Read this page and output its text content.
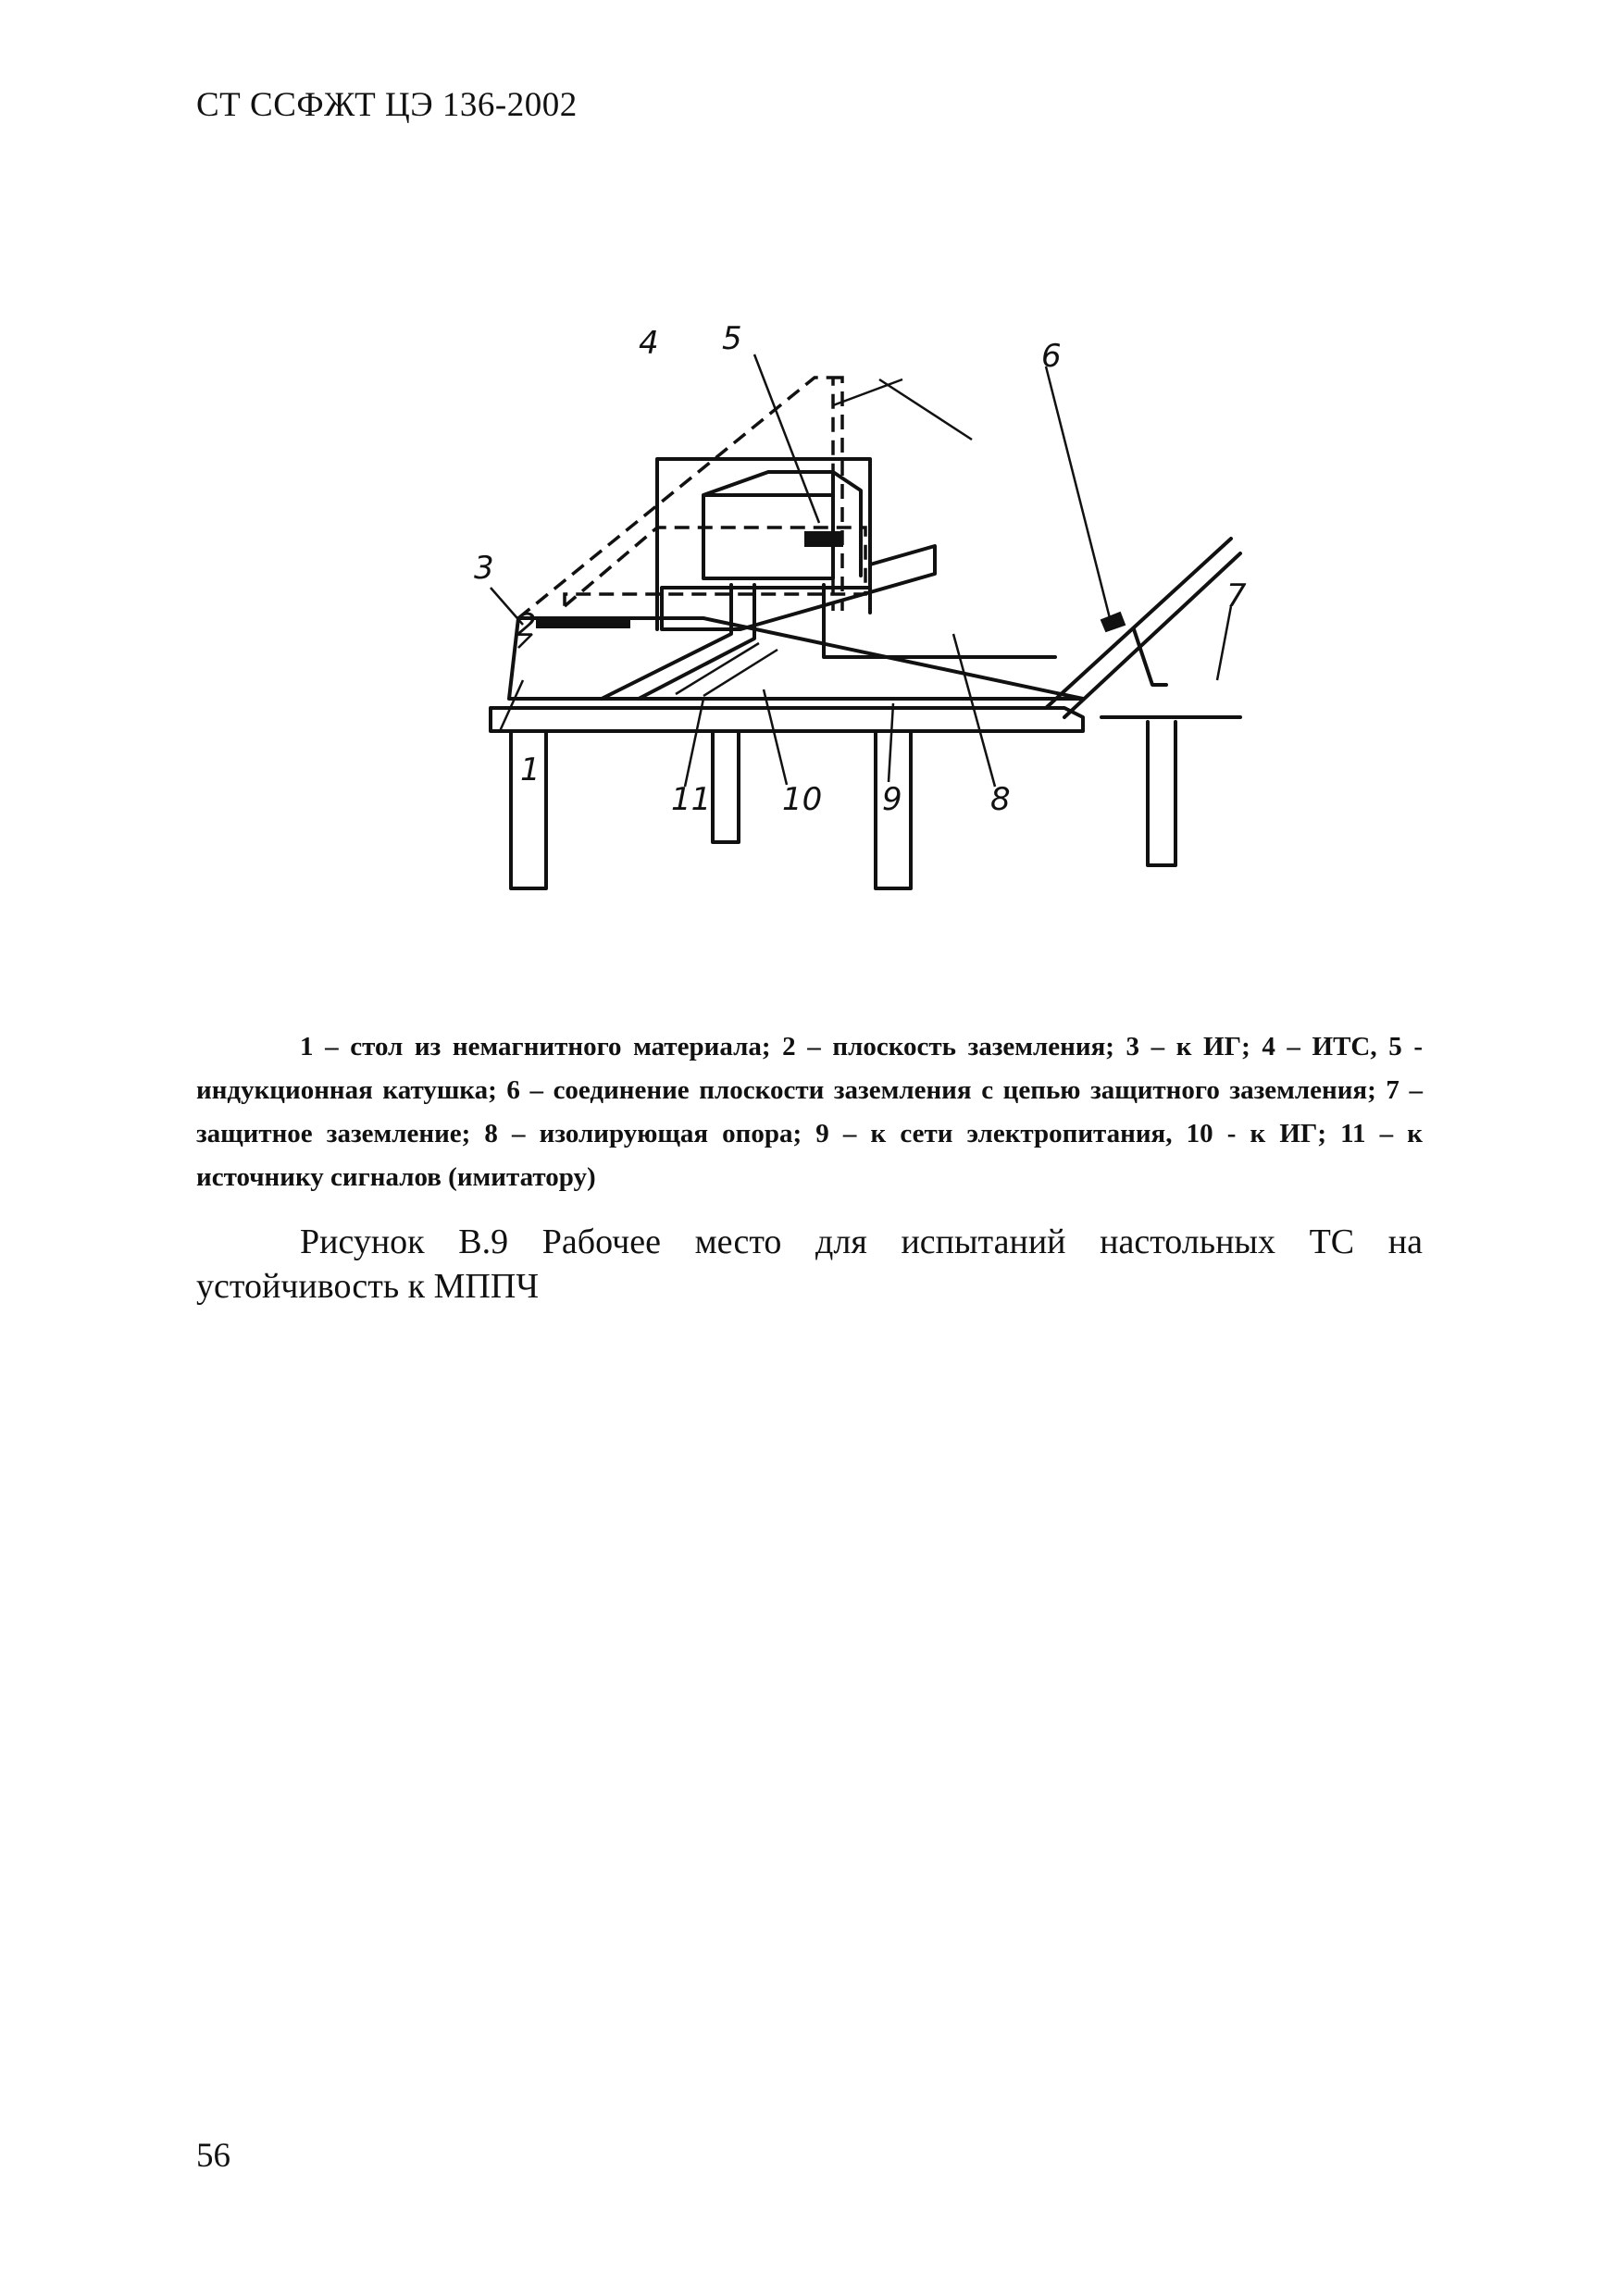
СТ ССФЖТ ЦЭ 136-2002
1
2
3
4 5	6
7
8
9
10
11
1 – стол из немагнитного материала; 2 – плоскость заземления; 3 – к ИГ; 4 – ИТС, 5 - индукционная катушка; 6 – соединение плоскости заземления с цепью защитного заземления; 7 – защитное заземление; 8 – изолирующая опора; 9 – к сети электропитания, 10 - к ИГ; 11 – к источнику сигналов (имитатору)
Рисунок В.9 Рабочее место для испытаний настольных ТС на устойчивость к МППЧ
56
